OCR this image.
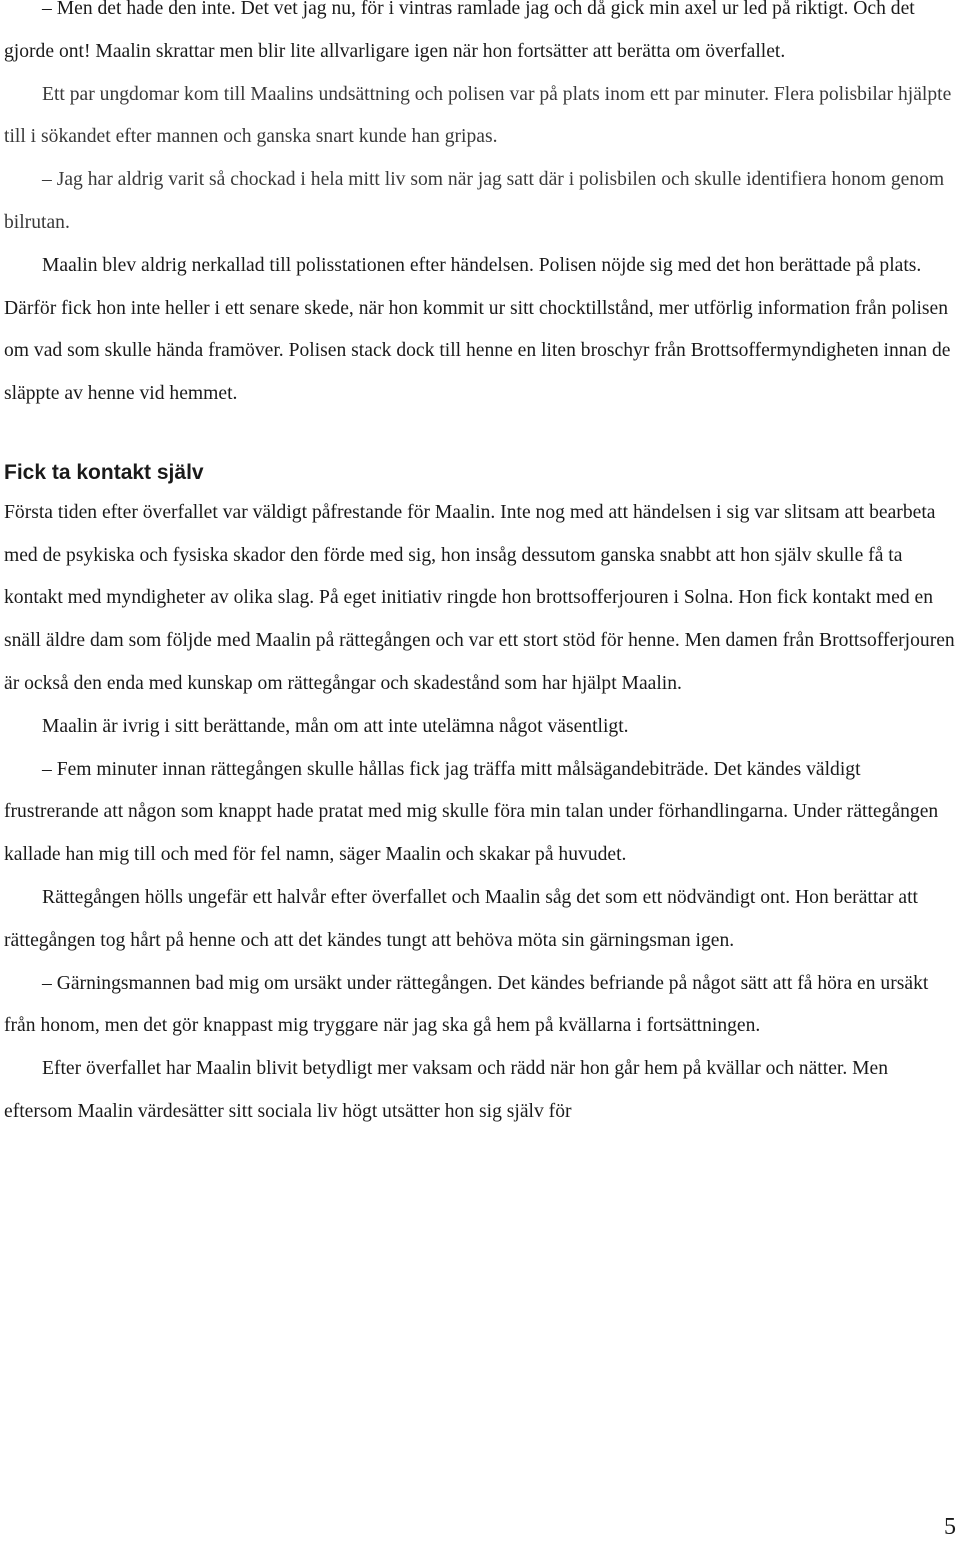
– Men det hade den inte. Det vet jag nu, för i vintras ramlade jag och då gick min axel ur led på riktigt. Och det gjorde ont! Maalin skrattar men blir lite allvarligare igen när hon fortsätter att berätta om överfallet.

Ett par ungdomar kom till Maalins undsättning och polisen var på plats inom ett par minuter. Flera polisbilar hjälpte till i sökandet efter mannen och ganska snart kunde han gripas.

– Jag har aldrig varit så chockad i hela mitt liv som när jag satt där i polisbilen och skulle identifiera honom genom bilrutan.

Maalin blev aldrig nerkallad till polisstationen efter händelsen. Polisen nöjde sig med det hon berättade på plats. Därför fick hon inte heller i ett senare skede, när hon kommit ur sitt chocktillstånd, mer utförlig information från polisen om vad som skulle hända framöver. Polisen stack dock till henne en liten broschyr från Brottsoffermyndigheten innan de släppte av henne vid hemmet.

Fick ta kontakt själv

Första tiden efter överfallet var väldigt påfrestande för Maalin. Inte nog med att händelsen i sig var slitsam att bearbeta med de psykiska och fysiska skador den förde med sig, hon insåg dessutom ganska snabbt att hon själv skulle få ta kontakt med myndigheter av olika slag. På eget initiativ ringde hon brottsofferjouren i Solna. Hon fick kontakt med en snäll äldre dam som följde med Maalin på rättegången och var ett stort stöd för henne. Men damen från Brottsofferjouren är också den enda med kunskap om rättegångar och skadestånd som har hjälpt Maalin.

Maalin är ivrig i sitt berättande, mån om att inte utelämna något väsentligt.

– Fem minuter innan rättegången skulle hållas fick jag träffa mitt målsägandebiträde. Det kändes väldigt frustrerande att någon som knappt hade pratat med mig skulle föra min talan under förhandlingarna. Under rättegången kallade han mig till och med för fel namn, säger Maalin och skakar på huvudet.

Rättegången hölls ungefär ett halvår efter överfallet och Maalin såg det som ett nödvändigt ont. Hon berättar att rättegången tog hårt på henne och att det kändes tungt att behöva möta sin gärningsman igen.

– Gärningsmannen bad mig om ursäkt under rättegången. Det kändes befriande på något sätt att få höra en ursäkt från honom, men det gör knappast mig tryggare när jag ska gå hem på kvällarna i fortsättningen.

Efter överfallet har Maalin blivit betydligt mer vaksam och rädd när hon går hem på kvällar och nätter. Men eftersom Maalin värdesätter sitt sociala liv högt utsätter hon sig själv för

5
